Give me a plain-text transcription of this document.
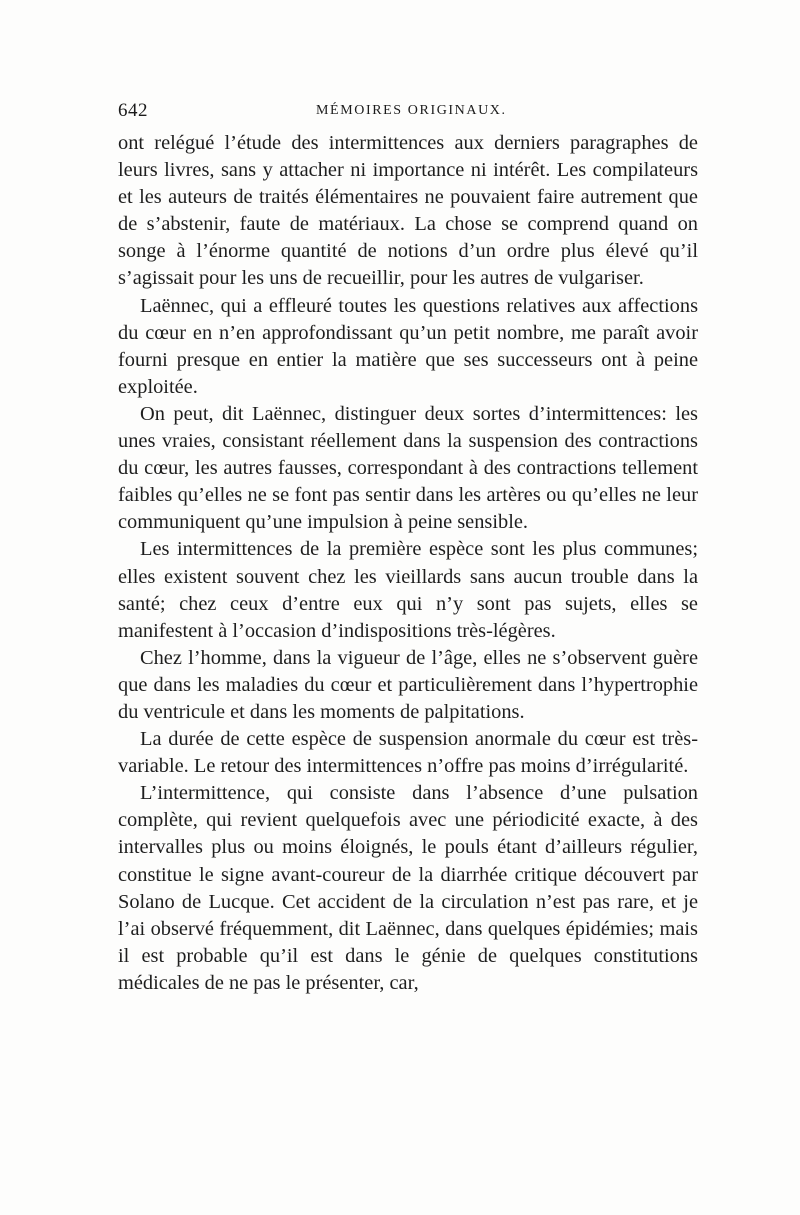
642	MÉMOIRES ORIGINAUX.

ont relégué l’étude des intermittences aux derniers paragraphes de leurs livres, sans y attacher ni importance ni intérêt. Les compilateurs et les auteurs de traités élémentaires ne pouvaient faire autrement que de s’abstenir, faute de matériaux. La chose se comprend quand on songe à l’énorme quantité de notions d’un ordre plus élevé qu’il s’agissait pour les uns de recueillir, pour les autres de vulgariser.

Laënnec, qui a effleuré toutes les questions relatives aux affections du cœur en n’en approfondissant qu’un petit nombre, me paraît avoir fourni presque en entier la matière que ses successeurs ont à peine exploitée.

On peut, dit Laënnec, distinguer deux sortes d’intermittences: les unes vraies, consistant réellement dans la suspension des contractions du cœur, les autres fausses, correspondant à des contractions tellement faibles qu’elles ne se font pas sentir dans les artères ou qu’elles ne leur communiquent qu’une impulsion à peine sensible.

Les intermittences de la première espèce sont les plus communes; elles existent souvent chez les vieillards sans aucun trouble dans la santé; chez ceux d’entre eux qui n’y sont pas sujets, elles se manifestent à l’occasion d’indispositions très-légères.

Chez l’homme, dans la vigueur de l’âge, elles ne s’observent guère que dans les maladies du cœur et particulièrement dans l’hypertrophie du ventricule et dans les moments de palpitations.

La durée de cette espèce de suspension anormale du cœur est très-variable. Le retour des intermittences n’offre pas moins d’irrégularité.

L’intermittence, qui consiste dans l’absence d’une pulsation complète, qui revient quelquefois avec une périodicité exacte, à des intervalles plus ou moins éloignés, le pouls étant d’ailleurs régulier, constitue le signe avant-coureur de la diarrhée critique découvert par Solano de Lucque. Cet accident de la circulation n’est pas rare, et je l’ai observé fréquemment, dit Laënnec, dans quelques épidémies; mais il est probable qu’il est dans le génie de quelques constitutions médicales de ne pas le présenter, car,
